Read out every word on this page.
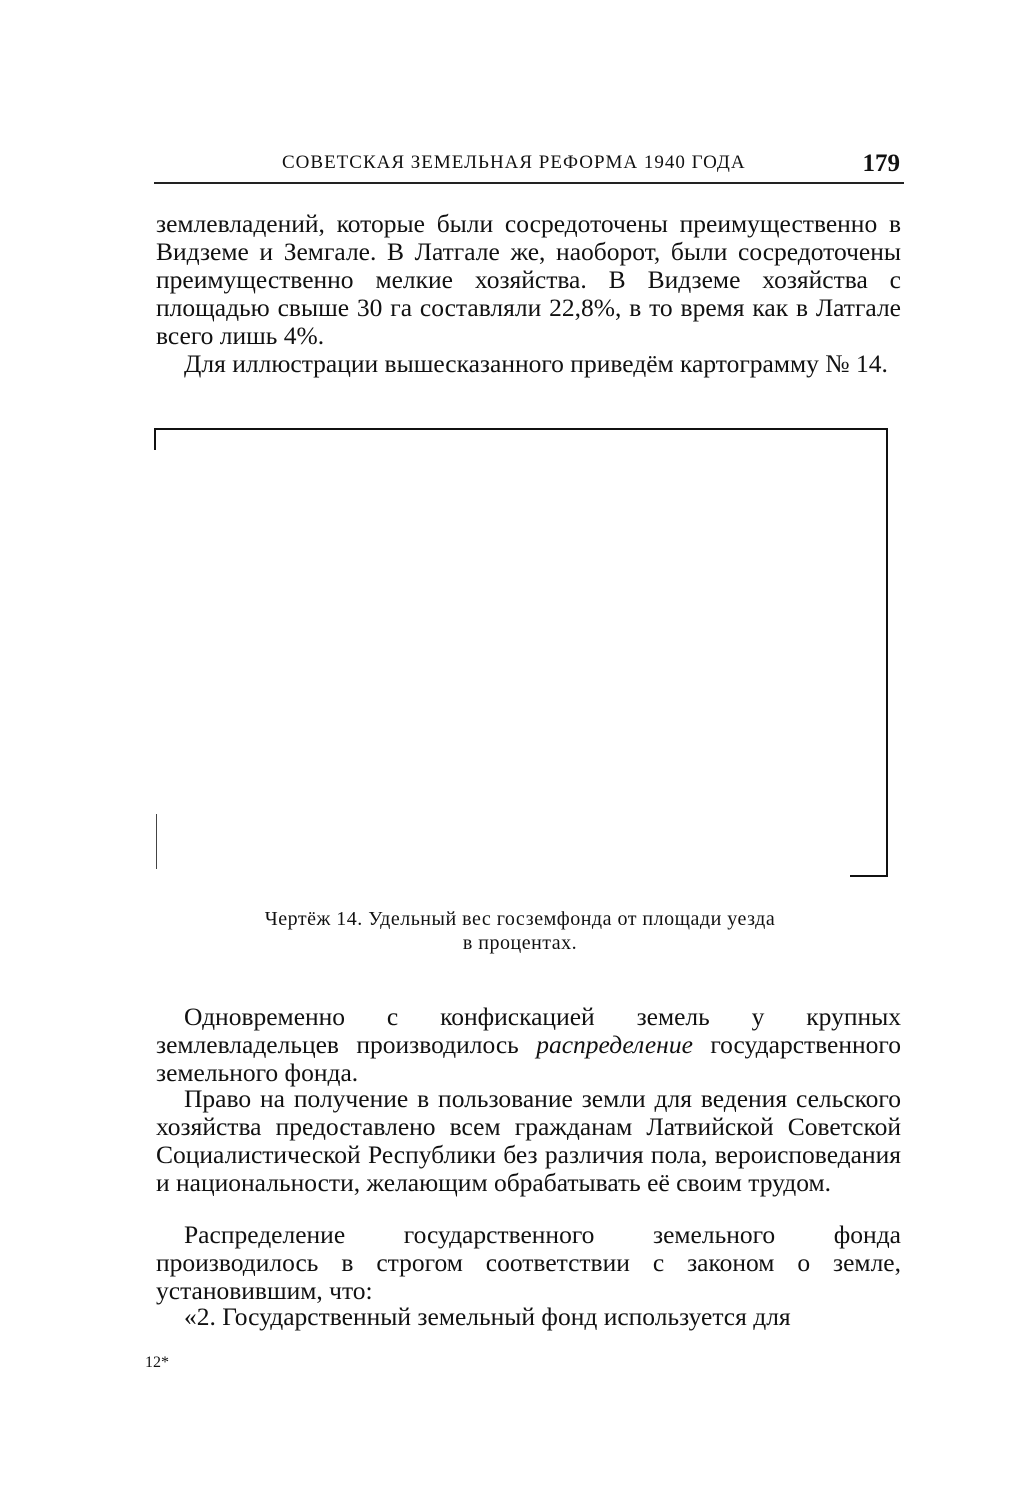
СОВЕТСКАЯ ЗЕМЕЛЬНАЯ РЕФОРМА 1940 ГОДА	179

землевладений, которые были сосредоточены преимущественно в Видземе и Земгале. В Латгале же, наоборот, были сосредоточены преимущественно мелкие хозяйства. В Видземе хозяйства с площадью свыше 30 га составляли 22,8%, в то время как в Латгале всего лишь 4%.

Для иллюстрации вышесказанного приведём картограмму № 14.

Чертёж 14. Удельный вес госземфонда от площади уезда
в процентах.

Одновременно с конфискацией земель у крупных землевладельцев производилось распределение государственного земельного фонда.

Право на получение в пользование земли для ведения сельского хозяйства предоставлено всем гражданам Латвийской Советской Социалистической Республики без различия пола, вероисповедания и национальности, желающим обрабатывать её своим трудом.

Распределение государственного земельного фонда производилось в строгом соответствии с законом о земле, установившим, что:

«2. Государственный земельный фонд используется для

12*
